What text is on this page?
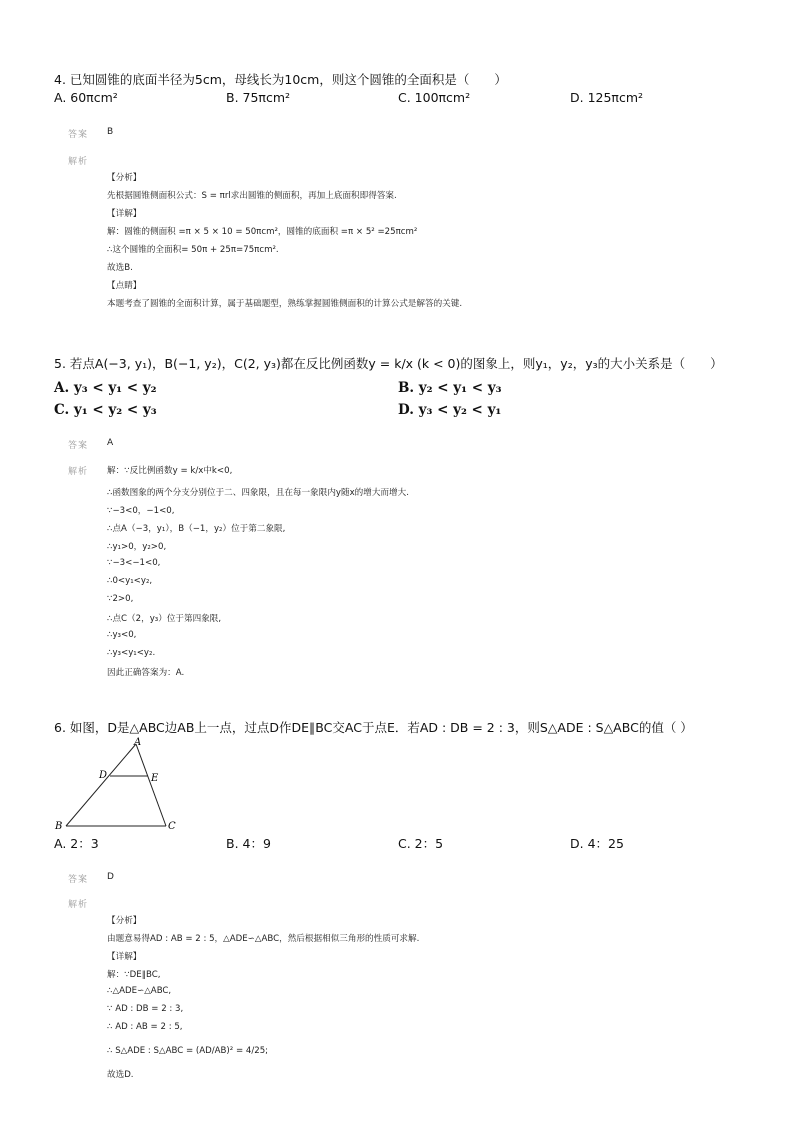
4. 已知圆锥的底面半径为5cm，母线长为10cm，则这个圆锥的全面积是（　　）
A. 60πcm²	B. 75πcm²	C. 100πcm²	D. 125πcm²
答案 B
解析
【分析】
先根据圆锥侧面积公式：S = πrl求出圆锥的侧面积，再加上底面积即得答案.
【详解】
解：圆锥的侧面积 =π × 5 × 10 = 50πcm²，圆锥的底面积 =π × 5² =25πcm²
∴这个圆锥的全面积= 50π + 25π=75πcm².
故选B.
【点睛】
本题考查了圆锥的全面积计算，属于基础题型，熟练掌握圆锥侧面积的计算公式是解答的关键.
5. 若点A(−3, y₁)，B(−1, y₂)，C(2, y₃)都在反比例函数y = k/x (k < 0)的图象上，则y₁，y₂，y₃的大小关系是（　　）
A. y₃ < y₁ < y₂	B. y₂ < y₁ < y₃
C. y₁ < y₂ < y₃	D. y₃ < y₂ < y₁
答案 A
解析 解：∵反比例函数y = k/x中k<0,
∴函数图象的两个分支分别位于二、四象限，且在每一象限内y随x的增大而增大.
∵−3<0，−1<0,
∴点A（−3，y₁），B（−1，y₂）位于第二象限,
∴y₁>0，y₂>0,
∵−3<−1<0,
∴0<y₁<y₂,
∵2>0,
∴点C（2，y₃）位于第四象限,
∴y₃<0,
∴y₃<y₁<y₂.
因此正确答案为：A.
6. 如图，D是△ABC边AB上一点，过点D作DE∥BC交AC于点E．若AD : DB = 2 : 3，则S△ADE : S△ABC的值（ ）
A
D	E
B	C
A. 2：3	B. 4：9	C. 2：5	D. 4：25
答案 D
解析
【分析】
由题意易得AD : AB = 2 : 5，△ADE∽△ABC，然后根据相似三角形的性质可求解.
【详解】
解：∵DE∥BC,
∴△ADE∽△ABC,
∵ AD : DB = 2 : 3,
∴ AD : AB = 2 : 5,
∴ S△ADE : S△ABC = (AD/AB)² = 4/25;
故选D.
